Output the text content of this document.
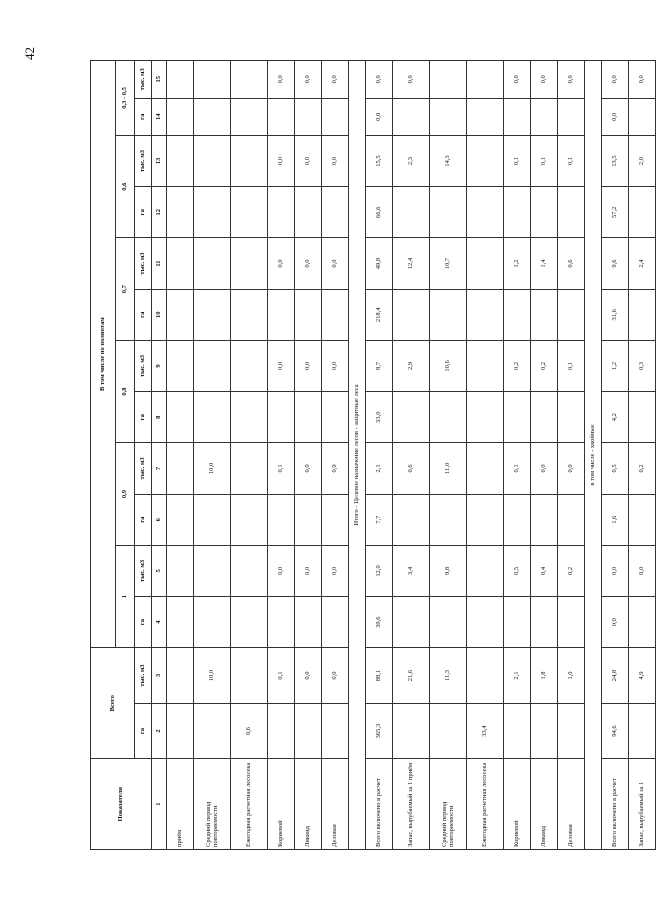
42
Показатели	Всего		В том числе по полнотам											
			1		0,9		0,8		0,7		0,6		0,3 - 0,5	
	га	тыс. м3	га	тыс. м3	га	тыс. м3	га	тыс. м3	га	тыс. м3	га	тыс. м3	га	тыс. м3
1	2	3	4	5	6	7	8	9	10	11	12	13	14	15
приём														
Средний период повторяемости		10,0				10,0								
Ежегодная расчетная лесосека	0,6													
Корневой		0,1		0,0		0,1		0,0		0,0		0,0		0,0
Ликвид		0,0		0,0		0,0		0,0		0,0		0,0		0,0
Деловая		0,0		0,0		0,0		0,0		0,0		0,0		0,0
Итого - Целевое назначение лесов - защитные леса														
Всего включено в расчет	365,3	88,1	39,6	12,0	7,7	2,1	33,0	8,7	218,4	49,8	66,6	15,5	0,0	0,0
Запас, вырубаемый за 1 приём		21,6		3,4		0,6		2,9		12,4		2,3		0,0
Средний период повторяемости		11,3		9,8		11,0		10,6		10,7		14,3		
Ежегодная расчетная лесосека	33,4													
Корневой		2,1		0,5		0,1		0,2		1,2		0,1		0,0
Ликвид		1,8		0,4		0,0		0,2		1,4		0,1		0,0
Деловая		1,0		0,2		0,0		0,1		0,6		0,1		0,0
в том числе - хвойные														
Всего включено в расчет	94,6	24,8	0,0	0,0	1,6	0,5	4,2	1,2	31,6	9,6	57,2	13,5	0,0	0,0
Запас, вырубаемый за 1		4,9		0,0		0,2		0,3		2,4		2,0		0,0
